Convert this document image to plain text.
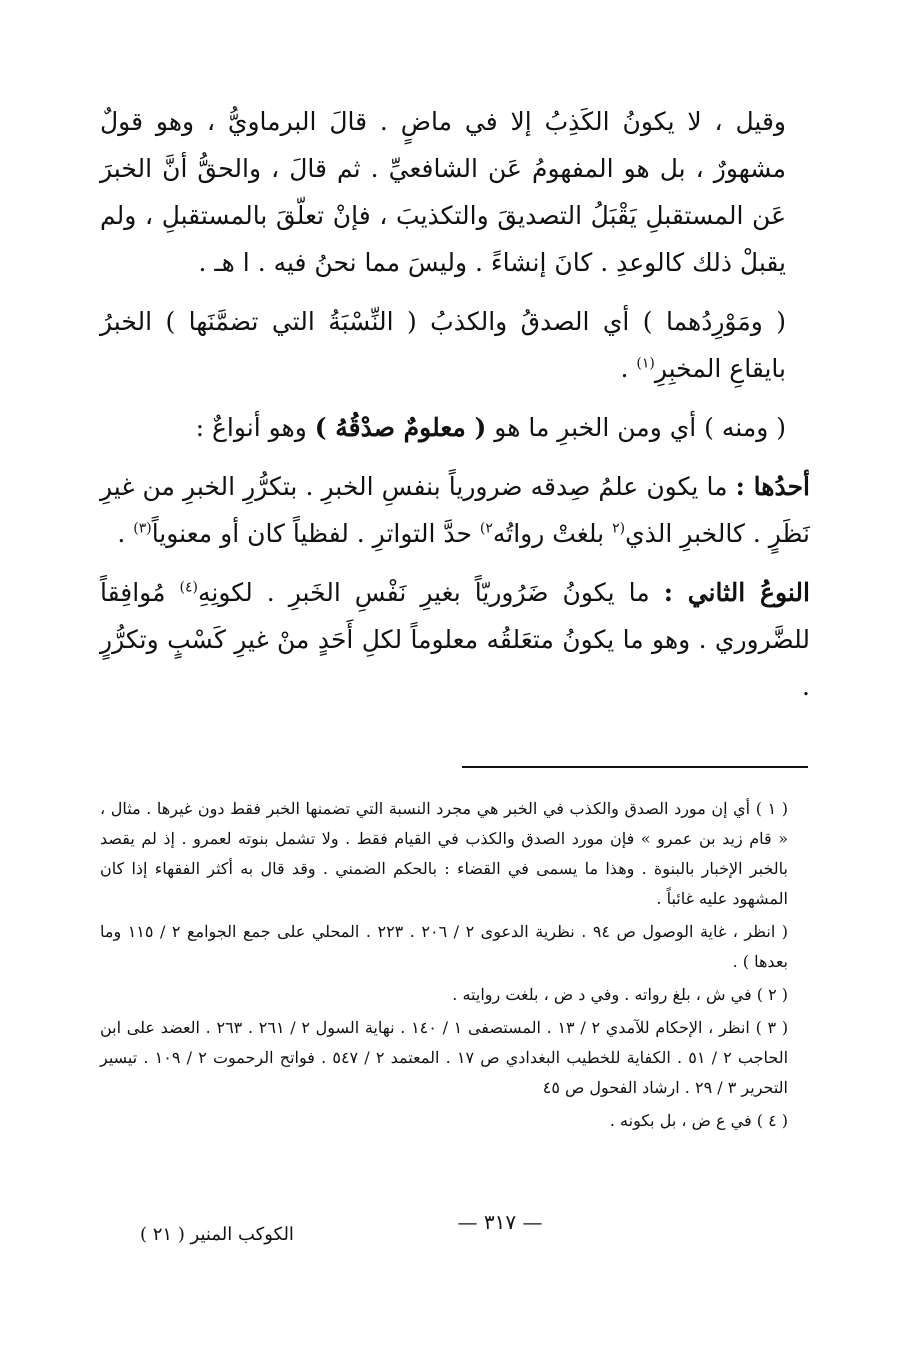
وقيل ، لا يكونُ الكَذِبُ إلا في ماضٍ . قالَ البرماويُّ ، وهو قولٌ مشهورٌ ، بل هو المفهومُ عَن الشافعيِّ . ثم قالَ ، والحقُّ أنَّ الخبرَ عَن المستقبلِ يَقْبَلُ التصديقَ والتكذيبَ ، فإنْ تعلّقَ بالمستقبلِ ، ولم يقبلْ ذلك كالوعدِ . كانَ إنشاءً . وليسَ مما نحنُ فيه . ا هـ .

( ومَوْرِدُهما ) أي الصدقُ والكذبُ ( النِّسْبَةُ التي تضمَّنَها ) الخبرُ بايقاعِ المخبِرِ$^{(١)}$ .

( ومنه ) أي ومن الخبرِ ما هو ( معلومٌ صدْقُهُ ) وهو أنواعٌ :

أحدُها : ما يكون علمُ صِدقه ضرورياً بنفسِ الخبرِ . بتكرُّرِ الخبرِ من غيرِ نَظَرٍ . كالخبرِ الذي$^{(٢}$ بلغتْ رواتُه$^{٢)}$ حدَّ التواترِ . لفظياً كان أو معنوياً$^{(٣)}$ .

النوعُ الثاني : ما يكونُ ضَرُوريّاً بغيرِ نَفْسِ الخَبرِ . لكونِهِ$^{(٤)}$ مُوافِقاً للضَّروري . وهو ما يكونُ متعَلقُه معلوماً لكلِ أَحَدٍ منْ غيرِ كَسْبٍ وتكرُّرٍ .

( ١ ) أي إن مورد الصدق والكذب في الخبر هي مجرد النسبة التي تضمنها الخبر فقط دون غيرها . مثال ، « قام زيد بن عمرو » فإن مورد الصدق والكذب في القيام فقط . ولا تشمل بنوته لعمرو . إذ لم يقصد بالخبر الإخبار بالبنوة . وهذا ما يسمى في القضاء : بالحكم الضمني . وقد قال به أكثر الفقهاء إذا كان المشهود عليه غائباً .

( انظر ، غاية الوصول ص ٩٤ . نظرية الدعوى ٢ / ٢٠٦ . ٢٢٣ . المحلي على جمع الجوامع ٢ / ١١٥ وما بعدها ) .

( ٢ ) في ش ، بلغ رواته . وفي د ض ، بلغت روايته .

( ٣ ) انظر ، الإحكام للآمدي ٢ / ١٣ . المستصفى ١ / ١٤٠ . نهاية السول ٢ / ٢٦١ . ٢٦٣ . العضد على ابن الحاجب ٢ / ٥١ . الكفاية للخطيب البغدادي ص ١٧ . المعتمد ٢ / ٥٤٧ . فواتح الرحموت ٢ / ١٠٩ . تيسير التحرير ٣ / ٢٩ . ارشاد الفحول ص ٤٥

( ٤ ) في ع ض ، بل بكونه .

— ٣١٧ —
الكوكب المنير ( ٢١ )
